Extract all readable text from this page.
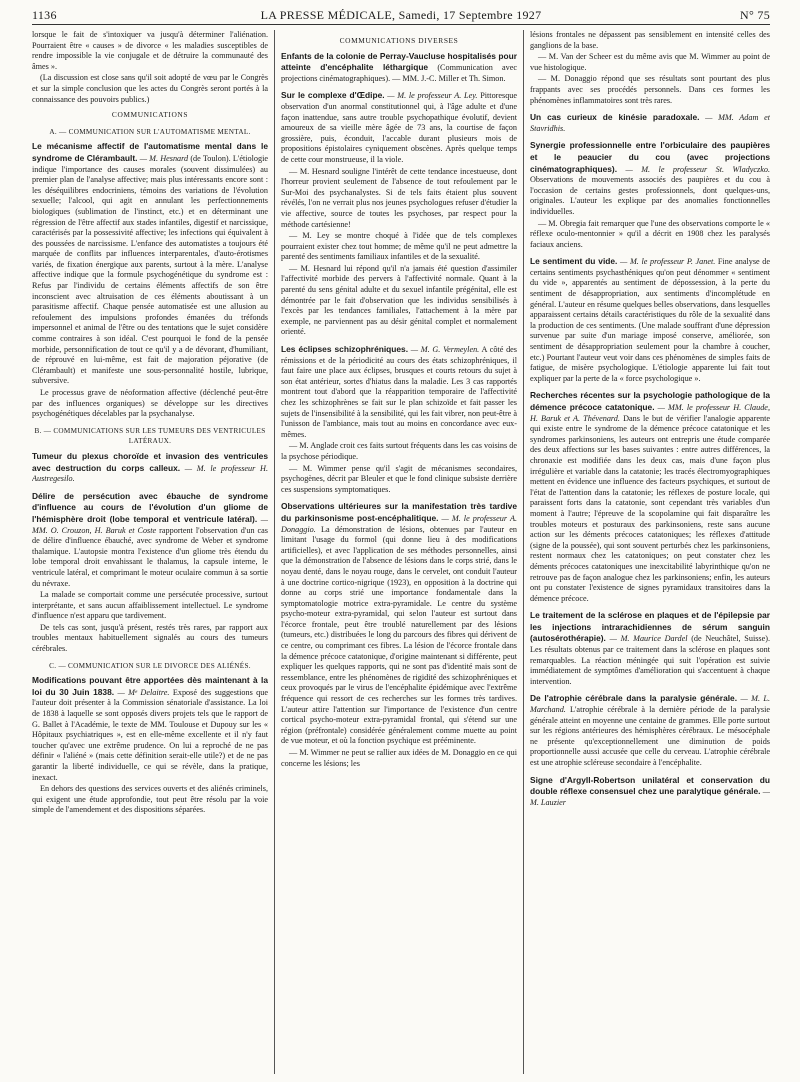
1136	LA PRESSE MÉDICALE, Samedi, 17 Septembre 1927	N° 75

lorsque le fait de s'intoxiquer va jusqu'à déterminer l'aliénation. Pourraient être « causes » de divorce « les maladies susceptibles de rendre impossible la vie conjugale et de détruire la communauté des âmes ».

(La discussion est close sans qu'il soit adopté de vœu par le Congrès et sur la simple conclusion que les actes du Congrès seront portés à la connaissance des pouvoirs publics.)

COMMUNICATIONS
A. — COMMUNICATION SUR L'AUTOMATISME MENTAL.

Le mécanisme affectif de l'automatisme mental dans le syndrome de Clérambault. — M. Hesnard (de Toulon). L'étiologie indique l'importance des causes morales (souvent dissimulées) au premier plan de l'analyse affective; mais plus intéressants encore sont : les déséquilibres endocriniens, témoins des variations de l'évolution sexuelle; l'alcool, qui agit en annulant les perfectionnements biologiques (sublimation de l'instinct, etc.) et en déterminant une régression de l'être affectif aux stades infantiles, digestif et narcissique, caractérisés par la possessivité affective; les infections qui équivalent à des poussées de narcissisme. L'enfance des automatistes a toujours été marquée de conflits par influences interparentales, d'auto-érotismes variés, de fixation énergique aux parents, surtout à la mère. L'analyse affective indique que la formule psychogénétique du syndrome est : Refus par l'individu de certains éléments affectifs de son être inconscient avec altruisation de ces éléments aboutissant à un parasitisme affectif. Chaque pensée automatisée est une allusion au refoulement des impulsions profondes émanées du tréfonds impersonnel et animal de l'être ou des tentations que le sujet considère comme contraires à son idéal. C'est pourquoi le fond de la pensée morbide, personnification de tout ce qu'il y a de dévorant, d'humiliant, de réprouvé en lui-même, est fait de majoration péjorative (de Clérambault) et manifeste une sous-personnalité hostile, lubrique, subversive.

Le processus grave de néoformation affective (déclenché peut-être par des influences organiques) se développe sur les directives psychogénétiques décelables par la psychanalyse.

B. — COMMUNICATIONS SUR LES TUMEURS DES VENTRICULES LATÉRAUX.

Tumeur du plexus choroïde et invasion des ventricules avec destruction du corps calleux. — M. le professeur H. Austregesilo.

Délire de persécution avec ébauche de syndrome d'influence au cours de l'évolution d'un gliome de l'hémisphère droit (lobe temporal et ventricule latéral). — MM. O. Crouzon, H. Baruk et Coste rapportent l'observation d'un cas de délire d'influence ébauché, avec syndrome de Weber et syndrome thalamique. L'autopsie montra l'existence d'un gliome très étendu du lobe temporal droit envahissant le thalamus, la capsule interne, le ventricule latéral, et comprimant le moteur oculaire commun à sa sortie du névraxe.

La malade se comportait comme une persécutée processive, surtout interprétante, et sans aucun affaiblissement intellectuel. Le syndrome d'influence n'est apparu que tardivement.

De tels cas sont, jusqu'à présent, restés très rares, par rapport aux troubles mentaux habituellement signalés au cours des tumeurs cérébrales.

C. — COMMUNICATION SUR LE DIVORCE DES ALIÉNÉS.

Modifications pouvant être apportées dès maintenant à la loi du 30 Juin 1838. — Mᵉ Delaitre. Exposé des suggestions que l'auteur doit présenter à la Commission sénatoriale d'assistance. La loi de 1838 à laquelle se sont opposés divers projets tels que le rapport de G. Ballet à l'Académie, le texte de MM. Toulouse et Dupouy sur les « Hôpitaux psychiatriques », est en elle-même excellente et il n'y faut toucher qu'avec une extrême prudence. On lui a reproché de ne pas définir « l'aliéné » (mais cette définition serait-elle utile?) et de ne pas garantir la liberté individuelle, ce qui se révèle, dans la pratique, inexact.

En dehors des questions des services ouverts et des aliénés criminels, qui exigent une étude approfondie, tout peut être résolu par la voie simple de l'amendement et des dispositions séparées.

COMMUNICATIONS DIVERSES

Enfants de la colonie de Perray-Vaucluse hospitalisés pour atteinte d'encéphalite léthargique (Communication avec projections cinématographiques). — MM. J.-C. Miller et Th. Simon.

Sur le complexe d'Œdipe. — M. le professeur A. Ley. Pittoresque observation d'un anormal constitutionnel qui, à l'âge adulte et d'une façon inattendue, sans autre trouble psychopathique évolutif, devient amoureux de sa vieille mère âgée de 73 ans, la courtise de façon grossière, puis, éconduit, l'accable durant plusieurs mois de propositions épistolaires cyniquement obscènes. Après quelque temps de cette cour monstrueuse, il la viole.

— M. Hesnard souligne l'intérêt de cette tendance incestueuse, dont l'horreur provient seulement de l'absence de tout refoulement par le Sur-Moi des psychanalystes. Si de tels faits étaient plus souvent révélés, l'on ne verrait plus nos jeunes psychologues refuser d'étudier la vie affective, source de toutes les psychoses, par respect pour la méthode cartésienne!

— M. Ley se montre choqué à l'idée que de tels complexes pourraient exister chez tout homme; de même qu'il ne peut admettre la parenté des sentiments familiaux infantiles et de la sexualité.

— M. Hesnard lui répond qu'il n'a jamais été question d'assimiler l'affectivité morbide des pervers à l'affectivité normale. Quant à la parenté du sens génital adulte et du sexuel infantile prégénital, elle est démontrée par le fait d'observation que les individus sensibilisés à l'excès par les tendances familiales, l'attachement à la mère par exemple, ne parviennent pas au désir génital complet et normalement orienté.

Les éclipses schizophréniques. — M. G. Vermeylen. A côté des rémissions et de la périodicité au cours des états schizophréniques, il faut faire une place aux éclipses, brusques et courts retours du sujet à son état antérieur, sortes d'hiatus dans la maladie. Les 3 cas rapportés montrent tout d'abord que la réapparition temporaire de l'affectivité chez les schizophrènes se fait sur le plan schizoïde et fait passer les sujets de l'insensibilité à la sensibilité, qui les fait vibrer, non peut-être à l'unisson de l'ambiance, mais tout au moins en concordance avec eux-mêmes.

— M. Anglade croit ces faits surtout fréquents dans les cas voisins de la psychose périodique.

— M. Wimmer pense qu'il s'agit de mécanismes secondaires, psychogènes, décrit par Bleuler et que le fond clinique subsiste derrière ces suspensions symptomatiques.

Observations ultérieures sur la manifestation très tardive du parkinsonisme post-encéphalitique. — M. le professeur A. Donaggio. La démonstration de lésions, obtenues par l'auteur en limitant l'usage du formol (qui donne lieu à des modifications artificielles), et avec l'application de ses méthodes personnelles, ainsi que la démonstration de l'absence de lésions dans le corps strié, dans le noyau denté, dans le noyau rouge, dans le cervelet, ont conduit l'auteur à une doctrine cortico-nigrique (1923), en opposition à la doctrine qui donne au corps strié une importance fondamentale dans la symptomatologie motrice extra-pyramidale. Le centre du système psycho-moteur extra-pyramidal, qui selon l'auteur est surtout dans l'écorce frontale, peut être troublé naturellement par des lésions (tumeurs, etc.) distribuées le long du parcours des fibres qui dérivent de ce centre, ou comprimant ces fibres. La lésion de l'écorce frontale dans la démence précoce catatonique, d'origine maintenant si différente, peut expliquer les quelques rapports, qui ne sont pas d'identité mais sont de ressemblance, entre les phénomènes de rigidité des schizophréniques et ceux provoqués par le virus de l'encéphalite épidémique avec l'extrême fréquence qui ressort de ces recherches sur les formes très tardives. L'auteur attire l'attention sur l'importance de l'existence d'un centre cortical psycho-moteur extra-pyramidal frontal, qui s'étend sur une région (préfrontale) considérée généralement comme muette au point de vue moteur, et où la fonction psychique est prééminente.

— M. Wimmer ne peut se rallier aux idées de M. Donaggio en ce qui concerne les lésions; les

lésions frontales ne dépassent pas sensiblement en intensité celles des ganglions de la base.

— M. Van der Scheer est du même avis que M. Wimmer au point de vue histologique.

— M. Donaggio répond que ses résultats sont pourtant des plus frappants avec ses procédés personnels. Dans ces formes les phénomènes inflammatoires sont très rares.

Un cas curieux de kinésie paradoxale. — MM. Adam et Stavridhis.

Synergie professionnelle entre l'orbiculaire des paupières et le peaucier du cou (avec projections cinématographiques). — M. le professeur St. Wladyczko. Observations de mouvements associés des paupières et du cou à l'occasion de certains gestes professionnels, dont quelques-uns, originales. L'auteur les explique par des anomalies fonctionnelles individuelles.

— M. Obregia fait remarquer que l'une des observations comporte le « réflexe oculo-mentonnier » qu'il a décrit en 1908 chez les paralysés faciaux anciens.

Le sentiment du vide. — M. le professeur P. Janet. Fine analyse de certains sentiments psychasthéniques qu'on peut dénommer « sentiment du vide », apparentés au sentiment de dépossession, à la perte du sentiment de désappropriation, aux sentiments d'incomplétude en général. L'auteur en résume quelques belles observations, dans lesquelles apparaissent certains détails caractéristiques du rôle de la sexualité dans la production de ces sentiments. (Une malade souffrant d'une dépression survenue par suite d'un mariage imposé conserve, améliorée, son sentiment de désappropriation seulement pour la chambre à coucher, etc.) Pourtant l'auteur veut voir dans ces phénomènes de simples faits de fatigue, de misère psychologique. L'étiologie apparente lui fait tout expliquer par la perte de la « force psychologique ».

Recherches récentes sur la psychologie pathologique de la démence précoce catatonique. — MM. le professeur H. Claude, H. Baruk et A. Thévenard. Dans le but de vérifier l'analogie apparente qui existe entre le syndrome de la démence précoce catatonique et les syndromes parkinsoniens, les auteurs ont entrepris une étude comparée des deux affections sur les bases suivantes : entre autres différences, la chronaxie est modifiée dans les deux cas, mais d'une façon plus irrégulière et variable dans la catatonie; les tracés électromyographiques mettent en évidence une influence des facteurs psychiques, et surtout de l'état de l'attention dans la catatonie; les réflexes de posture locale, qui paraissent forts dans la catatonie, sont cependant très variables d'un moment à l'autre; l'épreuve de la scopolamine qui fait disparaître les troubles moteurs et posturaux des parkinsoniens, reste sans aucune action sur les déments précoces catatoniques; les réflexes d'attitude (signe de la poussée), qui sont souvent perturbés chez les parkinsoniens, restent normaux chez les catatoniques; on peut constater chez les déments précoces catatoniques une inexcitabilité labyrinthique qu'on ne retrouve pas de façon analogue chez les parkinsoniens; enfin, les auteurs ont pu constater l'existence de signes pyramidaux transitoires dans la démence précoce.

Le traitement de la sclérose en plaques et de l'épilepsie par les injections intrarachidiennes de sérum sanguin (autosérothérapie). — M. Maurice Dardel (de Neuchâtel, Suisse). Les résultats obtenus par ce traitement dans la sclérose en plaques sont remarquables. La réaction méningée qui suit l'opération est suivie immédiatement de symptômes d'amélioration qui s'accentuent à chaque intervention.

De l'atrophie cérébrale dans la paralysie générale. — M. L. Marchand. L'atrophie cérébrale à la dernière période de la paralysie générale atteint en moyenne une centaine de grammes. Elle porte surtout sur les régions antérieures des hémisphères cérébraux. Le mésocéphale ne présente qu'exceptionnellement une diminution de poids proportionnelle aussi accusée que celle du cerveau. L'atrophie cérébrale est une atrophie scléreuse secondaire à l'encéphalite.

Signe d'Argyll-Robertson unilatéral et conservation du double réflexe consensuel chez une paralytique générale. — M. Lauzier
